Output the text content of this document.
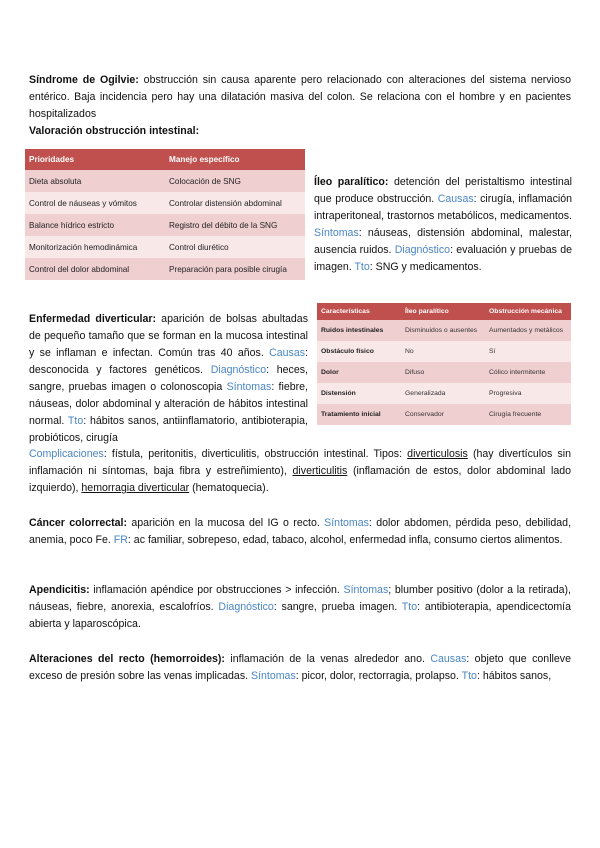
Síndrome de Ogilvie: obstrucción sin causa aparente pero relacionado con alteraciones del sistema nervioso entérico. Baja incidencia pero hay una dilatación masiva del colon. Se relaciona con el hombre y en pacientes hospitalizados

Valoración obstrucción intestinal:

Prioridades	Manejo específico
Dieta absoluta	Colocación de SNG
Control de náuseas y vómitos	Controlar distensión abdominal
Balance hídrico estricto	Registro del débito de la SNG
Monitorización hemodinámica	Control diurético
Control del dolor abdominal	Preparación para posible cirugía

Íleo paralítico: detención del peristaltismo intestinal que produce obstrucción. Causas: cirugía, inflamación intraperitoneal, trastornos metabólicos, medicamentos. Síntomas: náuseas, distensión abdominal, malestar, ausencia ruidos. Diagnóstico: evaluación y pruebas de imagen. Tto: SNG y medicamentos.

Características	Íleo paralítico	Obstrucción mecánica
Ruidos intestinales	Disminuidos o ausentes	Aumentados y metálicos
Obstáculo físico	No	Sí
Dolor	Difuso	Cólico intermitente
Distensión	Generalizada	Progresiva
Tratamiento inicial	Conservador	Cirugía frecuente

Enfermedad diverticular: aparición de bolsas abultadas de pequeño tamaño que se forman en la mucosa intestinal y se inflaman e infectan. Común tras 40 años. Causas: desconocida y factores genéticos. Diagnóstico: heces, sangre, pruebas imagen o colonoscopia Síntomas: fiebre, náuseas, dolor abdominal y alteración de hábitos intestinal normal. Tto: hábitos sanos, antiinflamatorio, antibioterapia, probióticos, cirugía

Complicaciones: fístula, peritonitis, diverticulitis, obstrucción intestinal. Tipos: diverticulosis (hay divertículos sin inflamación ni síntomas, baja fibra y estreñimiento), diverticulitis (inflamación de estos, dolor abdominal lado izquierdo), hemorragia diverticular (hematoquecia).

Cáncer colorrectal: aparición en la mucosa del IG o recto. Síntomas: dolor abdomen, pérdida peso, debilidad, anemia, poco Fe. FR: ac familiar, sobrepeso, edad, tabaco, alcohol, enfermedad infla, consumo ciertos alimentos.

Apendicitis: inflamación apéndice por obstrucciones > infección. Síntomas; blumber positivo (dolor a la retirada), náuseas, fiebre, anorexia, escalofríos. Diagnóstico: sangre, prueba imagen. Tto: antibioterapia, apendicectomía abierta y laparoscópica.

Alteraciones del recto (hemorroides): inflamación de la venas alrededor ano. Causas: objeto que conlleve exceso de presión sobre las venas implicadas. Síntomas: picor, dolor, rectorragia, prolapso. Tto: hábitos sanos,
